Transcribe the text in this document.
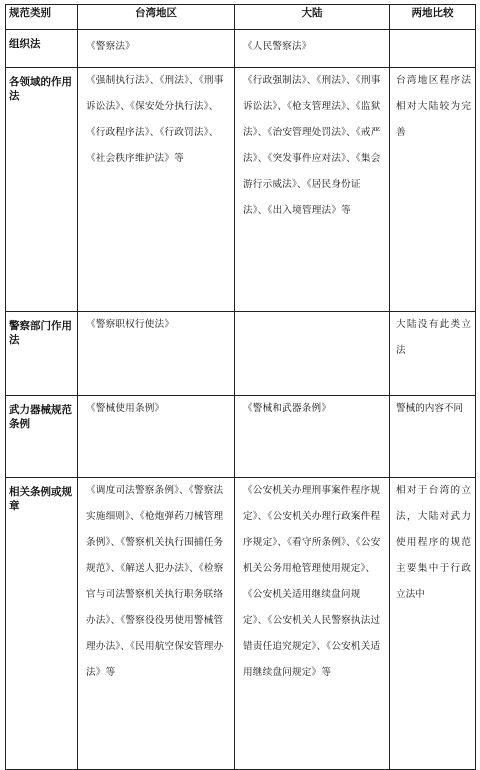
规范类别	台湾地区	大陆	两地比较
组织法	《警察法》	《人民警察法》	
各领域的作用法	《强制执行法》、《刑法》、《刑事诉讼法》、《保安处分执行法》、《行政程序法》、《行政罚法》、《社会秩序维护法》等	《行政强制法》、《刑法》、《刑事诉讼法》、《枪支管理法》、《监狱法》、《治安管理处罚法》、《戒严法》、《突发事件应对法》、《集会游行示威法》、《居民身份证法》、《出入境管理法》等	台湾地区程序法相对大陆较为完善
警察部门作用法	《警察职权行使法》		大陆没有此类立法
武力器械规范条例	《警械使用条例》	《警械和武器条例》	警械的内容不同
相关条例或规章	《调度司法警察条例》、《警察法实施细则》、《枪炮弹药刀械管理条例》、《警察机关执行围捕任务规范》、《解送人犯办法》、《检察官与司法警察机关执行职务联络办法》、《警察役役男使用警械管理办法》、《民用航空保安管理办法》等	《公安机关办理刑事案件程序规定》、《公安机关办理行政案件程序规定》、《看守所条例》、《公安机关公务用枪管理使用规定》、《公安机关适用继续盘问规定》、《公安机关人民警察执法过错责任追究规定》、《公安机关适用继续盘问规定》等	相对于台湾的立法，大陆对武力使用程序的规范主要集中于行政立法中
